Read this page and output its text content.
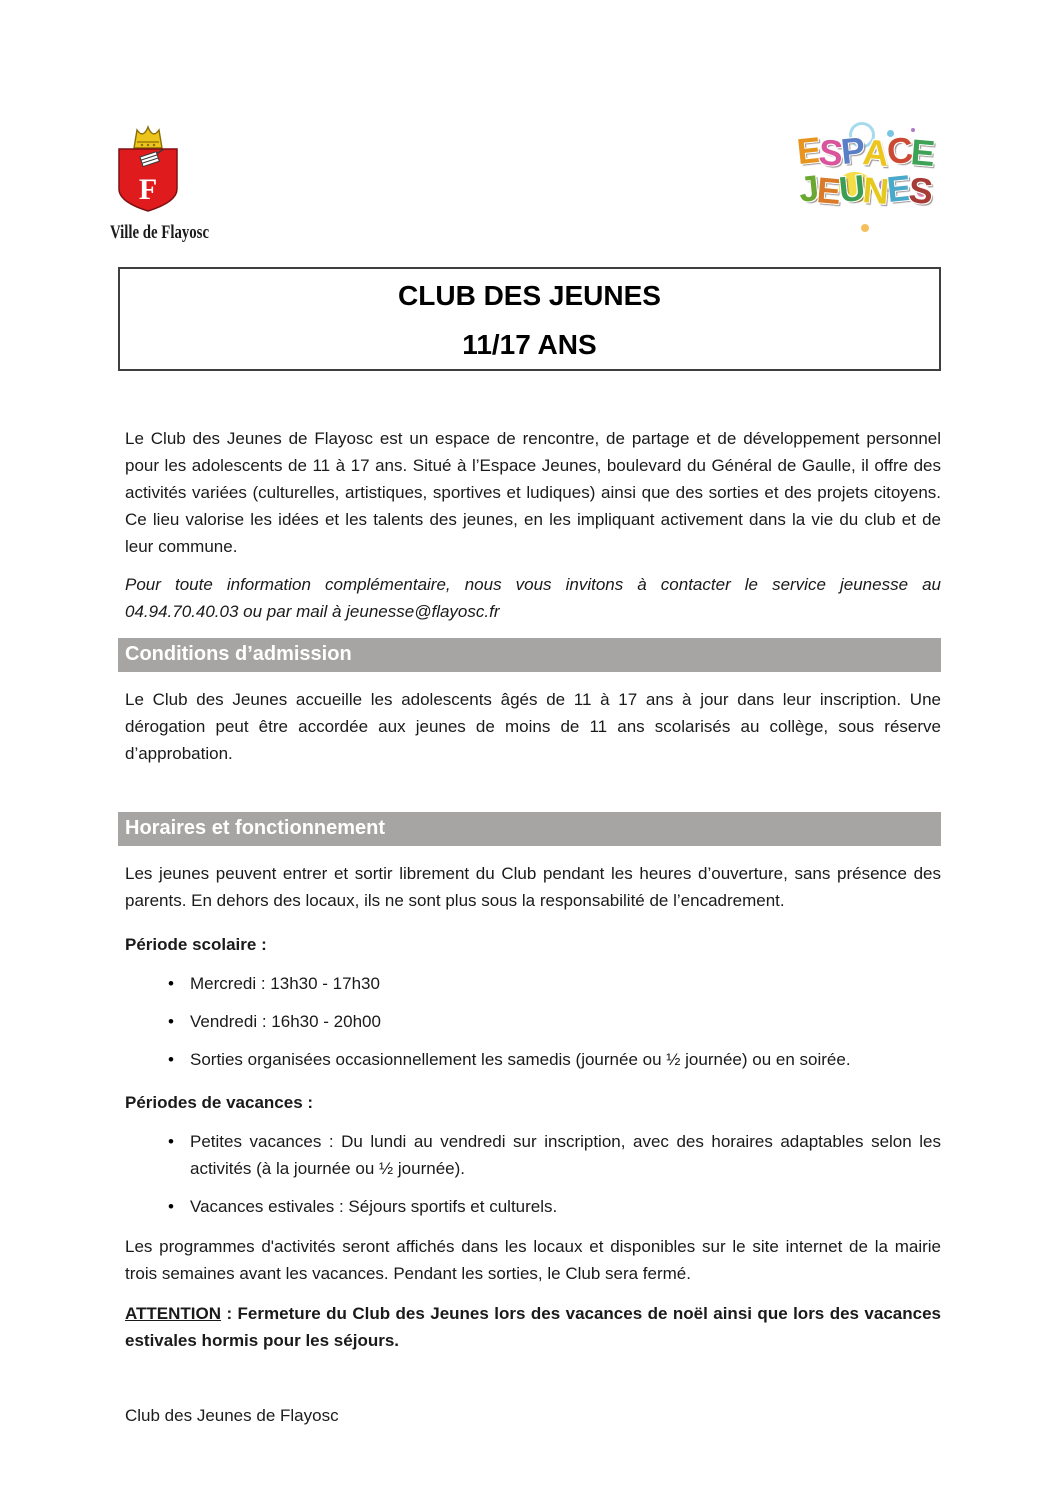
F
Ville de Flayosc
ESPACE
JEUNES
CLUB DES JEUNES
11/17 ANS

Le Club des Jeunes de Flayosc est un espace de rencontre, de partage et de développement personnel pour les adolescents de 11 à 17 ans. Situé à l’Espace Jeunes, boulevard du Général de Gaulle, il offre des activités variées (culturelles, artistiques, sportives et ludiques) ainsi que des sorties et des projets citoyens. Ce lieu valorise les idées et les talents des jeunes, en les impliquant activement dans la vie du club et de leur commune.

Pour toute information complémentaire, nous vous invitons à contacter le service jeunesse au 04.94.70.40.03 ou par mail à jeunesse@flayosc.fr

Conditions d’admission

Le Club des Jeunes accueille les adolescents âgés de 11 à 17 ans à jour dans leur inscription. Une dérogation peut être accordée aux jeunes de moins de 11 ans scolarisés au collège, sous réserve d’approbation.

Horaires et fonctionnement

Les jeunes peuvent entrer et sortir librement du Club pendant les heures d’ouverture, sans présence des parents. En dehors des locaux, ils ne sont plus sous la responsabilité de l’encadrement.

Période scolaire :
• Mercredi : 13h30 - 17h30
• Vendredi : 16h30 - 20h00
• Sorties organisées occasionnellement les samedis (journée ou ½ journée) ou en soirée.
Périodes de vacances :
• Petites vacances : Du lundi au vendredi sur inscription, avec des horaires adaptables selon les activités (à la journée ou ½ journée).
• Vacances estivales : Séjours sportifs et culturels.

Les programmes d'activités seront affichés dans les locaux et disponibles sur le site internet de la mairie trois semaines avant les vacances. Pendant les sorties, le Club sera fermé.

ATTENTION : Fermeture du Club des Jeunes lors des vacances de noël ainsi que lors des vacances estivales hormis pour les séjours.

Club des Jeunes de Flayosc
